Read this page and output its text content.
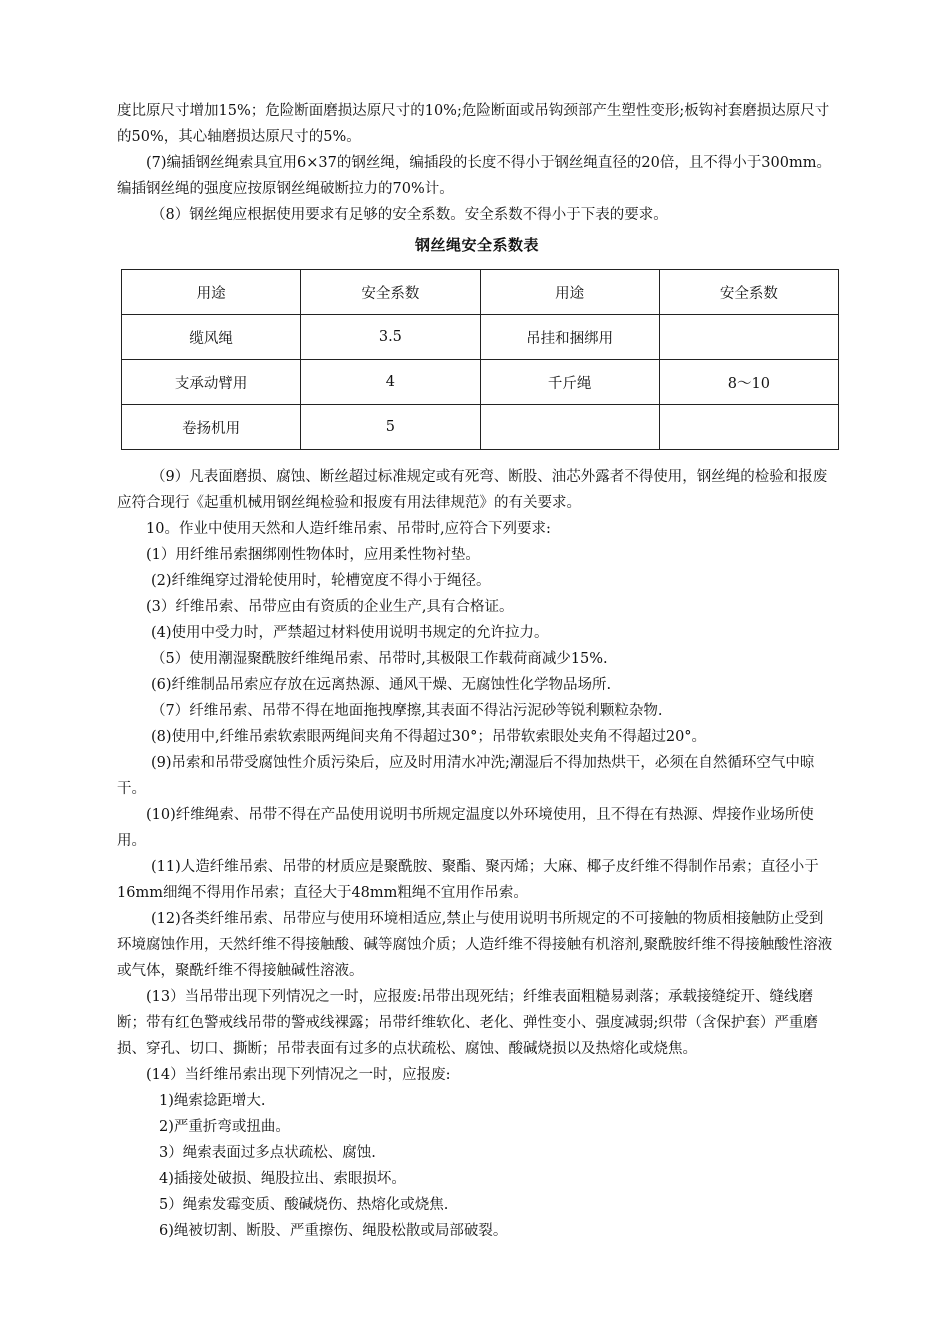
度比原尺寸增加15%；危险断面磨损达原尺寸的10%;危险断面或吊钩颈部产生塑性变形;板钩衬套磨损达原尺寸的50%，其心轴磨损达原尺寸的5%。

(7)编插钢丝绳索具宜用6×37的钢丝绳，编插段的长度不得小于钢丝绳直径的20倍，且不得小于300mm。编插钢丝绳的强度应按原钢丝绳破断拉力的70%计。

（8）钢丝绳应根据使用要求有足够的安全系数。安全系数不得小于下表的要求。

钢丝绳安全系数表
用途	安全系数	用途	安全系数
缆风绳	3.5	吊挂和捆绑用	
支承动臂用	4	千斤绳	8～10
卷扬机用	5		

（9）凡表面磨损、腐蚀、断丝超过标准规定或有死弯、断股、油芯外露者不得使用，钢丝绳的检验和报废应符合现行《起重机械用钢丝绳检验和报废有用法律规范》的有关要求。

10。作业中使用天然和人造纤维吊索、吊带时,应符合下列要求:

(1）用纤维吊索捆绑刚性物体时，应用柔性物衬垫。

(2)纤维绳穿过滑轮使用时，轮槽宽度不得小于绳径。

(3）纤维吊索、吊带应由有资质的企业生产,具有合格证。

(4)使用中受力时，严禁超过材料使用说明书规定的允许拉力。

（5）使用潮湿聚酰胺纤维绳吊索、吊带时,其极限工作载荷商减少15%.

(6)纤维制品吊索应存放在远离热源、通风干燥、无腐蚀性化学物品场所.

（7）纤维吊索、吊带不得在地面拖拽摩擦,其表面不得沾污泥砂等锐利颗粒杂物.

(8)使用中,纤维吊索软索眼两绳间夹角不得超过30°；吊带软索眼处夹角不得超过20°。

(9)吊索和吊带受腐蚀性介质污染后，应及时用清水冲洗;潮湿后不得加热烘干，必须在自然循环空气中晾干。

(10)纤维绳索、吊带不得在产品使用说明书所规定温度以外环境使用，且不得在有热源、焊接作业场所使用。

(11)人造纤维吊索、吊带的材质应是聚酰胺、聚酯、聚丙烯；大麻、椰子皮纤维不得制作吊索；直径小于16mm细绳不得用作吊索；直径大于48mm粗绳不宜用作吊索。

(12)各类纤维吊索、吊带应与使用环境相适应,禁止与使用说明书所规定的不可接触的物质相接触防止受到环境腐蚀作用，天然纤维不得接触酸、碱等腐蚀介质；人造纤维不得接触有机溶剂,聚酰胺纤维不得接触酸性溶液或气体，聚酰纤维不得接触碱性溶液。

(13）当吊带出现下列情况之一时，应报废:吊带出现死结；纤维表面粗糙易剥落；承载接缝绽开、缝线磨断；带有红色警戒线吊带的警戒线裸露；吊带纤维软化、老化、弹性变小、强度减弱;织带（含保护套）严重磨损、穿孔、切口、撕断；吊带表面有过多的点状疏松、腐蚀、酸碱烧损以及热熔化或烧焦。

(14）当纤维吊索出现下列情况之一时，应报废:

1)绳索捻距增大.

2)严重折弯或扭曲。

3）绳索表面过多点状疏松、腐蚀.

4)插接处破损、绳股拉出、索眼损坏。

5）绳索发霉变质、酸碱烧伤、热熔化或烧焦.

6)绳被切割、断股、严重擦伤、绳股松散或局部破裂。
